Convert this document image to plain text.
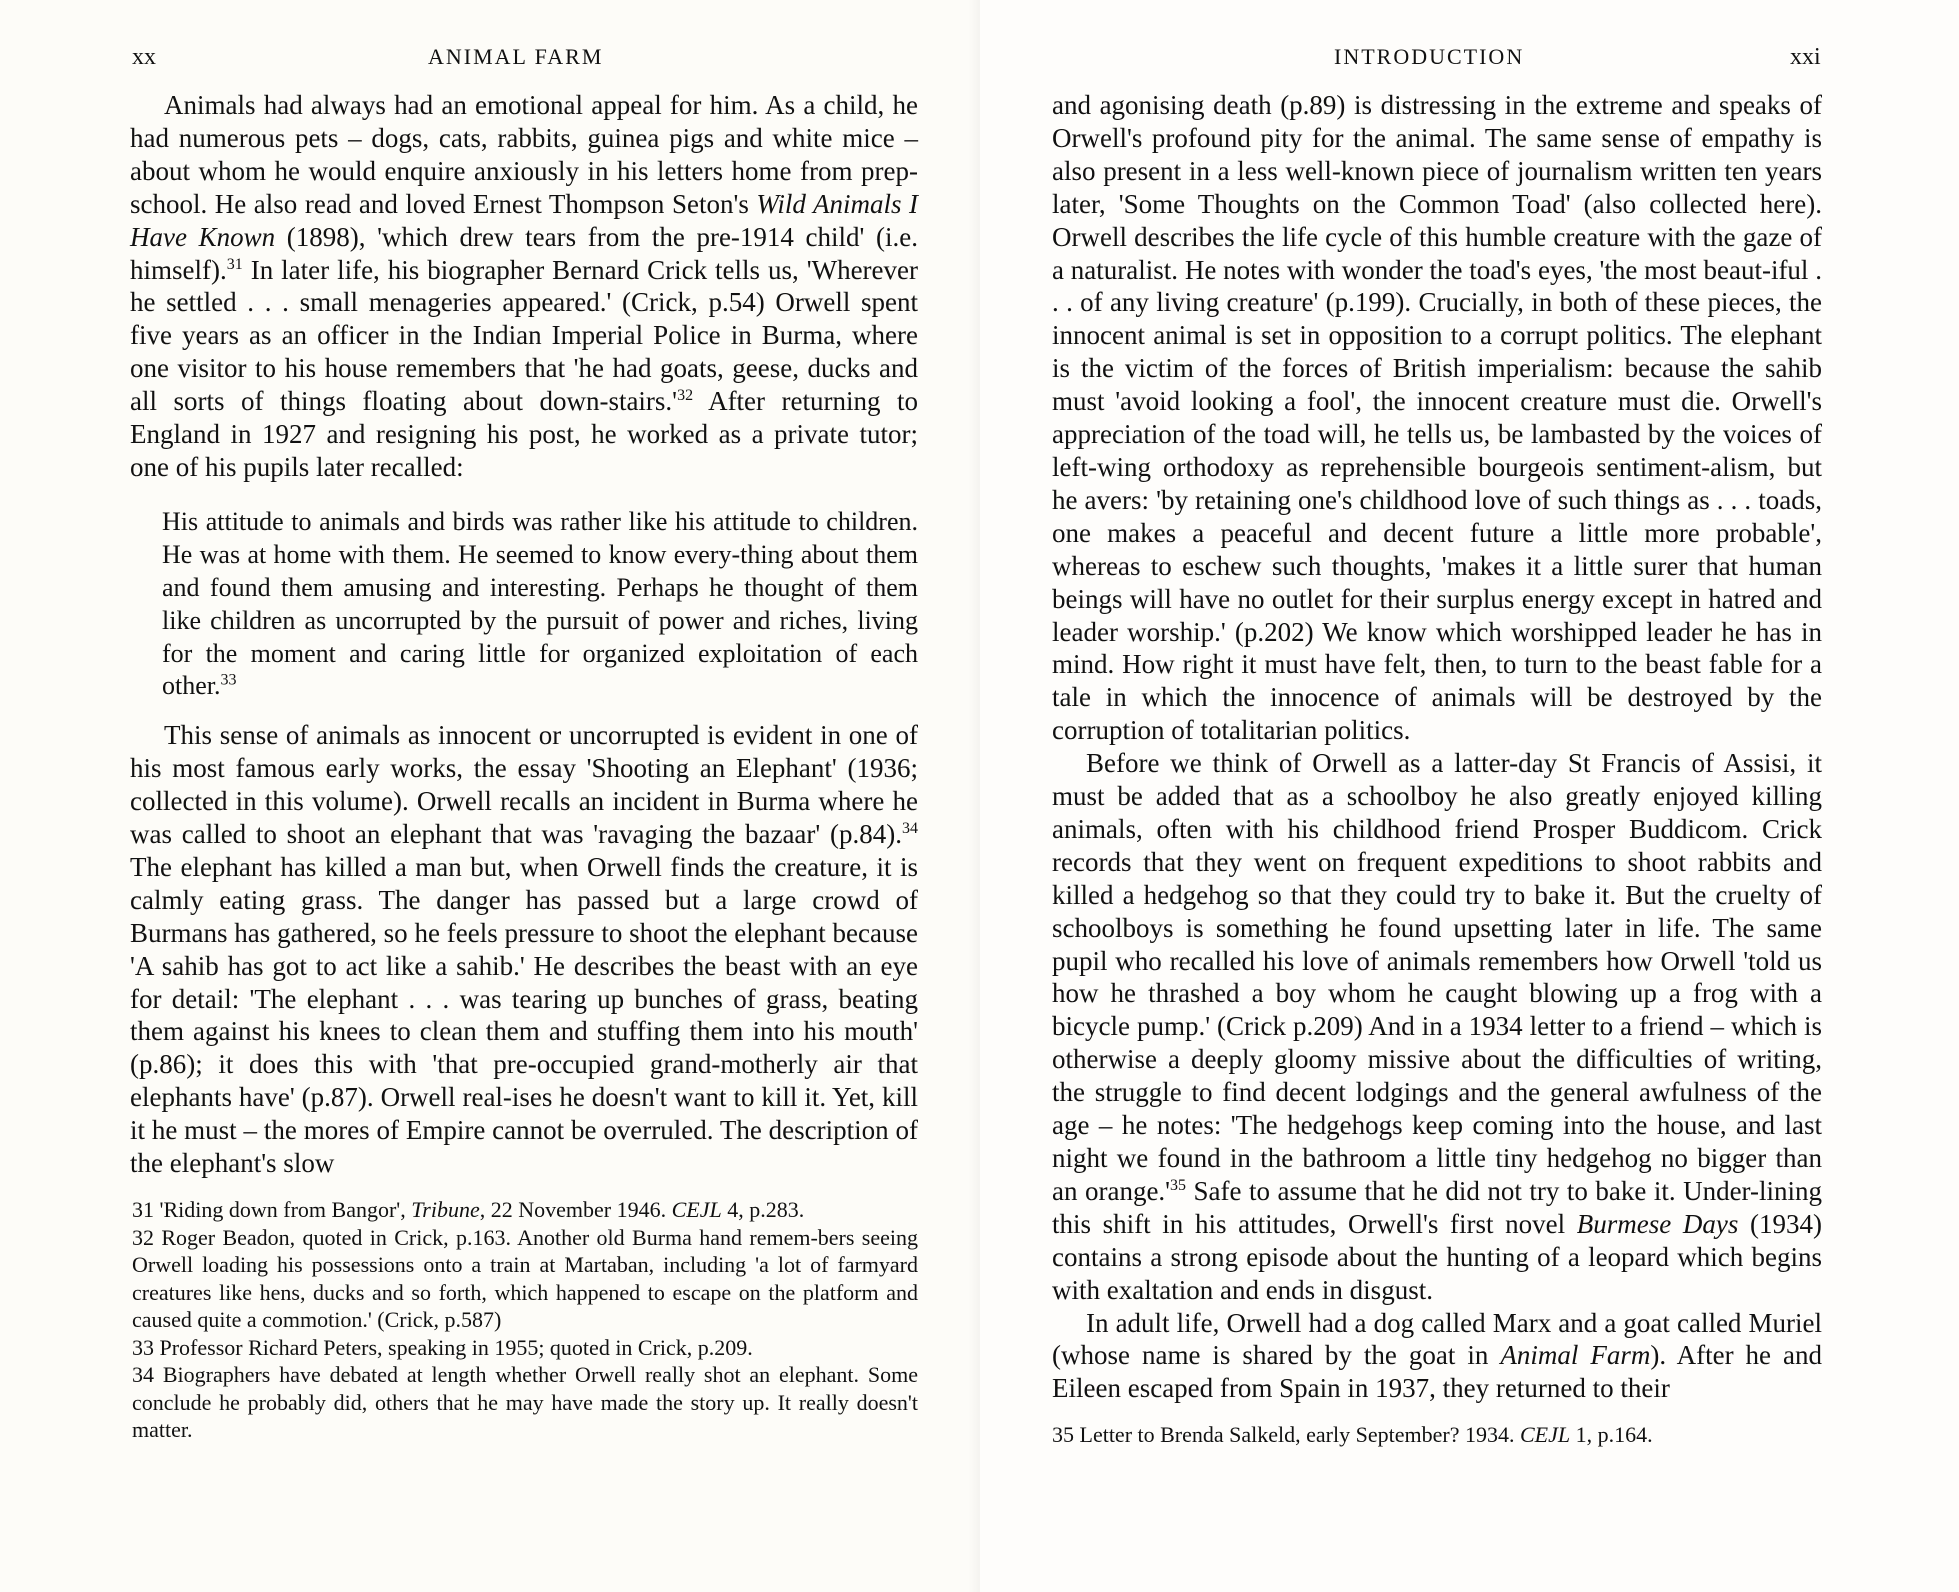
xx	ANIMAL FARM	INTRODUCTION	xxi

Animals had always had an emotional appeal for him. As a child, he had numerous pets – dogs, cats, rabbits, guinea pigs and white mice – about whom he would enquire anxiously in his letters home from prep-school. He also read and loved Ernest Thompson Seton's Wild Animals I Have Known (1898), 'which drew tears from the pre-1914 child' (i.e. himself).$^{31}$ In later life, his biographer Bernard Crick tells us, 'Wherever he settled . . . small menageries appeared.' (Crick, p.54) Orwell spent five years as an officer in the Indian Imperial Police in Burma, where one visitor to his house remembers that 'he had goats, geese, ducks and all sorts of things floating about down-$stairs.'^{32}$ After returning to England in 1927 and resigning his post, he worked as a private tutor; one of his pupils later recalled:

His attitude to animals and birds was rather like his attitude to children. He was at home with them. He seemed to know every-thing about them and found them amusing and interesting. Perhaps he thought of them like children as uncorrupted by the pursuit of power and riches, living for the moment and caring little for organized exploitation of each other.$^{33}$

This sense of animals as innocent or uncorrupted is evident in one of his most famous early works, the essay 'Shooting an Elephant' (1936; collected in this volume). Orwell recalls an incident in Burma where he was called to shoot an elephant that was 'ravaging the bazaar' (p.84).$^{34}$ The elephant has killed a man but, when Orwell finds the creature, it is calmly eating grass. The danger has passed but a large crowd of Burmans has gathered, so he feels pressure to shoot the elephant because 'A sahib has got to act like a sahib.' He describes the beast with an eye for detail: 'The elephant . . . was tearing up bunches of grass, beating them against his knees to clean them and stuffing them into his mouth' (p.86); it does this with 'that pre-occupied grand-motherly air that elephants have' (p.87). Orwell real-ises he doesn't want to kill it. Yet, kill it he must – the mores of Empire cannot be overruled. The description of the elephant's slow

31 'Riding down from Bangor', Tribune, 22 November 1946. CEJL 4, p.283.

32 Roger Beadon, quoted in Crick, p.163. Another old Burma hand remem-bers seeing Orwell loading his possessions onto a train at Martaban, including 'a lot of farmyard creatures like hens, ducks and so forth, which happened to escape on the platform and caused quite a commotion.' (Crick, p.587)

33 Professor Richard Peters, speaking in 1955; quoted in Crick, p.209.

34 Biographers have debated at length whether Orwell really shot an elephant. Some conclude he probably did, others that he may have made the story up. It really doesn't matter.

and agonising death (p.89) is distressing in the extreme and speaks of Orwell's profound pity for the animal. The same sense of empathy is also present in a less well-known piece of journalism written ten years later, 'Some Thoughts on the Common Toad' (also collected here). Orwell describes the life cycle of this humble creature with the gaze of a naturalist. He notes with wonder the toad's eyes, 'the most beaut-iful . . . of any living creature' (p.199). Crucially, in both of these pieces, the innocent animal is set in opposition to a corrupt politics. The elephant is the victim of the forces of British imperialism: because the sahib must 'avoid looking a fool', the innocent creature must die. Orwell's appreciation of the toad will, he tells us, be lambasted by the voices of left-wing orthodoxy as reprehensible bourgeois sentiment-alism, but he avers: 'by retaining one's childhood love of such things as . . . toads, one makes a peaceful and decent future a little more probable', whereas to eschew such thoughts, 'makes it a little surer that human beings will have no outlet for their surplus energy except in hatred and leader worship.' (p.202) We know which worshipped leader he has in mind. How right it must have felt, then, to turn to the beast fable for a tale in which the innocence of animals will be destroyed by the corruption of totalitarian politics.

Before we think of Orwell as a latter-day St Francis of Assisi, it must be added that as a schoolboy he also greatly enjoyed killing animals, often with his childhood friend Prosper Buddicom. Crick records that they went on frequent expeditions to shoot rabbits and killed a hedgehog so that they could try to bake it. But the cruelty of schoolboys is something he found upsetting later in life. The same pupil who recalled his love of animals remembers how Orwell 'told us how he thrashed a boy whom he caught blowing up a frog with a bicycle pump.' (Crick p.209) And in a 1934 letter to a friend – which is otherwise a deeply gloomy missive about the difficulties of writing, the struggle to find decent lodgings and the general awfulness of the age – he notes: 'The hedgehogs keep coming into the house, and last night we found in the bathroom a little tiny hedgehog no bigger than an $orange.'^{35}$ Safe to assume that he did not try to bake it. Under-lining this shift in his attitudes, Orwell's first novel Burmese Days (1934) contains a strong episode about the hunting of a leopard which begins with exaltation and ends in disgust.

In adult life, Orwell had a dog called Marx and a goat called Muriel (whose name is shared by the goat in Animal Farm). After he and Eileen escaped from Spain in 1937, they returned to their

35 Letter to Brenda Salkeld, early September? 1934. CEJL 1, p.164.
